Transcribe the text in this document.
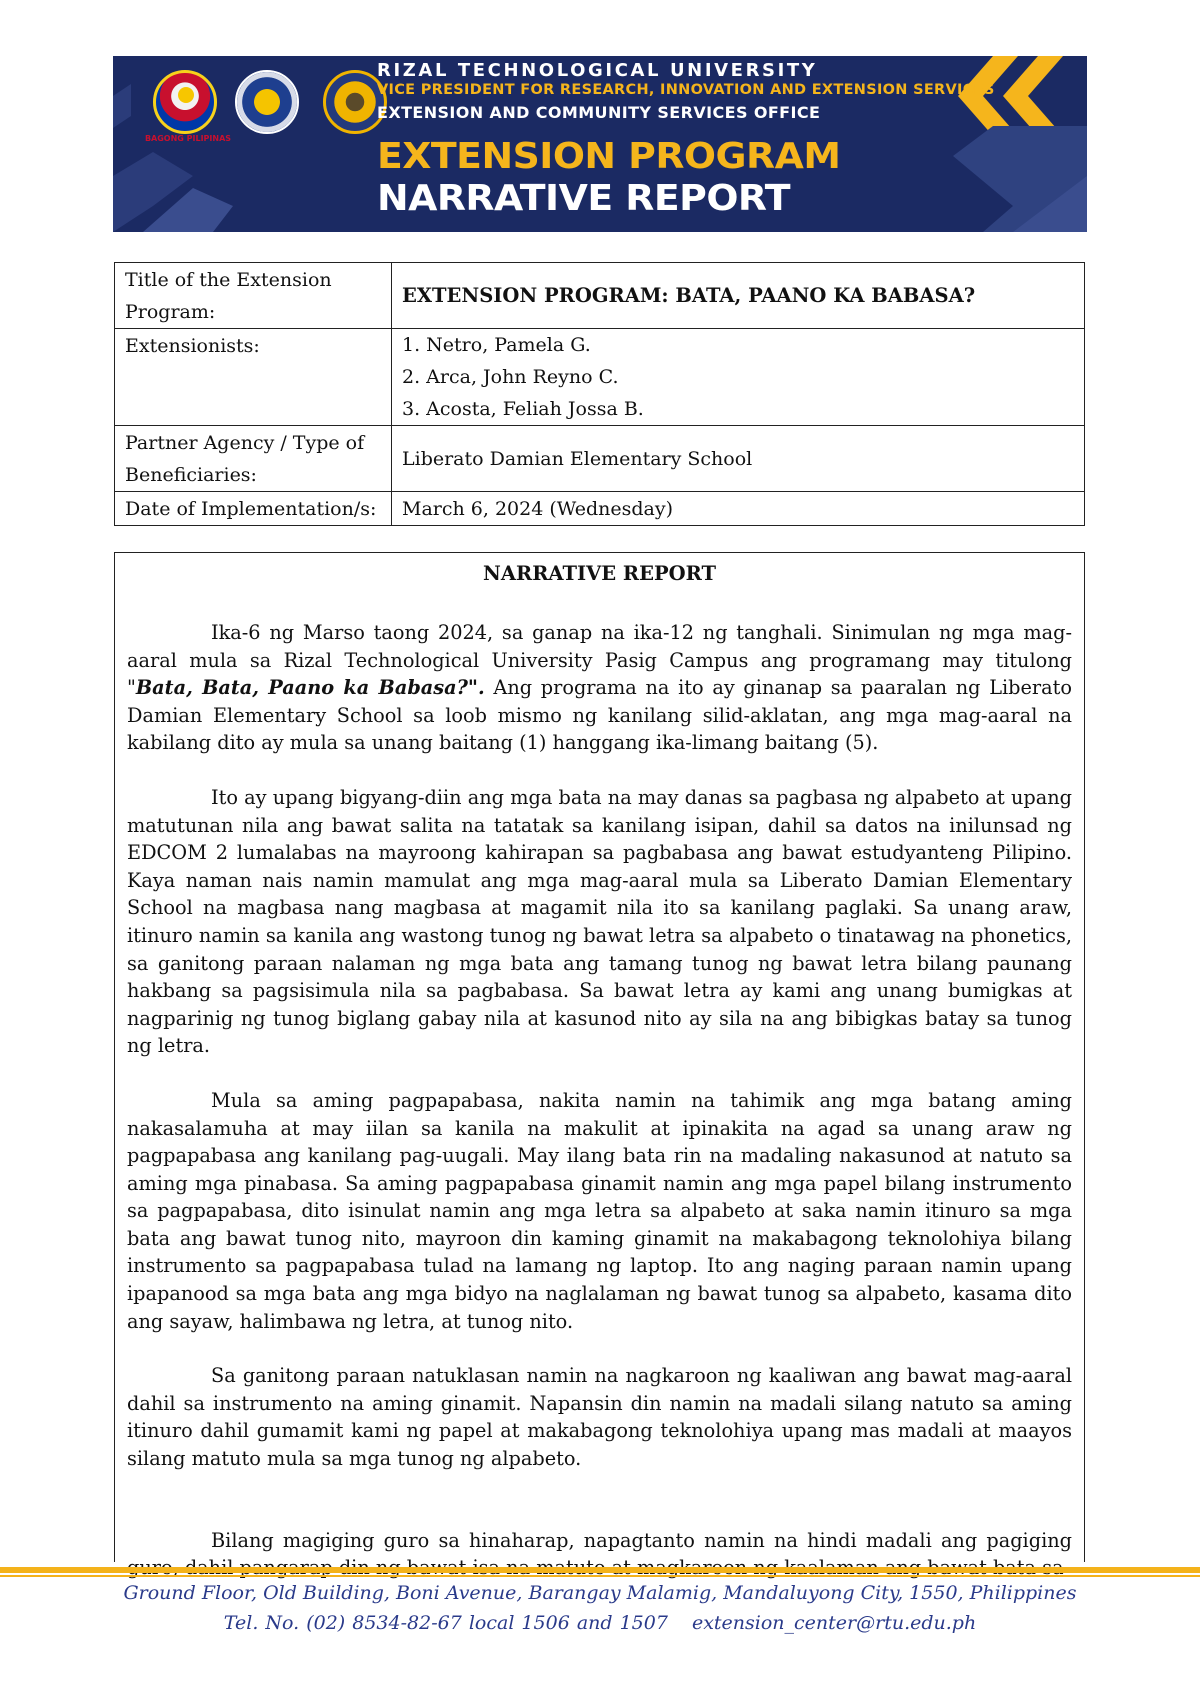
BAGONG PILIPINAS
RIZAL TECHNOLOGICAL UNIVERSITY
VICE PRESIDENT FOR RESEARCH, INNOVATION AND EXTENSION SERVICES
EXTENSION AND COMMUNITY SERVICES OFFICE
EXTENSION PROGRAM
NARRATIVE REPORT
Title of the Extension Program:	EXTENSION PROGRAM: BATA, PAANO KA BABASA?
Extensionists:	1. Netro, Pamela G.
2. Arca, John Reyno C.
3. Acosta, Feliah Jossa B.

Partner Agency / Type of Beneficiaries:	Liberato Damian Elementary School
Date of Implementation/s:	March 6, 2024 (Wednesday)
NARRATIVE REPORT

Ika-6 ng Marso taong 2024, sa ganap na ika-12 ng tanghali. Sinimulan ng mga mag-aaral mula sa Rizal Technological University Pasig Campus ang programang may titulong "Bata, Bata, Paano ka Babasa?". Ang programa na ito ay ginanap sa paaralan ng Liberato Damian Elementary School sa loob mismo ng kanilang silid-aklatan, ang mga mag-aaral na kabilang dito ay mula sa unang baitang (1) hanggang ika-limang baitang (5).

Ito ay upang bigyang-diin ang mga bata na may danas sa pagbasa ng alpabeto at upang matutunan nila ang bawat salita na tatatak sa kanilang isipan, dahil sa datos na inilunsad ng EDCOM 2 lumalabas na mayroong kahirapan sa pagbabasa ang bawat estudyanteng Pilipino. Kaya naman nais namin mamulat ang mga mag-aaral mula sa Liberato Damian Elementary School na magbasa nang magbasa at magamit nila ito sa kanilang paglaki. Sa unang araw, itinuro namin sa kanila ang wastong tunog ng bawat letra sa alpabeto o tinatawag na phonetics, sa ganitong paraan nalaman ng mga bata ang tamang tunog ng bawat letra bilang paunang hakbang sa pagsisimula nila sa pagbabasa. Sa bawat letra ay kami ang unang bumigkas at nagparinig ng tunog biglang gabay nila at kasunod nito ay sila na ang bibigkas batay sa tunog ng letra.

Mula sa aming pagpapabasa, nakita namin na tahimik ang mga batang aming nakasalamuha at may iilan sa kanila na makulit at ipinakita na agad sa unang araw ng pagpapabasa ang kanilang pag-uugali. May ilang bata rin na madaling nakasunod at natuto sa aming mga pinabasa. Sa aming pagpapabasa ginamit namin ang mga papel bilang instrumento sa pagpapabasa, dito isinulat namin ang mga letra sa alpabeto at saka namin itinuro sa mga bata ang bawat tunog nito, mayroon din kaming ginamit na makabagong teknolohiya bilang instrumento sa pagpapabasa tulad na lamang ng laptop. Ito ang naging paraan namin upang ipapanood sa mga bata ang mga bidyo na naglalaman ng bawat tunog sa alpabeto, kasama dito ang sayaw, halimbawa ng letra, at tunog nito.

Sa ganitong paraan natuklasan namin na nagkaroon ng kaaliwan ang bawat mag-aaral dahil sa instrumento na aming ginamit. Napansin din namin na madali silang natuto sa aming itinuro dahil gumamit kami ng papel at makabagong teknolohiya upang mas madali at maayos silang matuto mula sa mga tunog ng alpabeto.

Bilang magiging guro sa hinaharap, napagtanto namin na hindi madali ang pagiging

Ground Floor, Old Building, Boni Avenue, Barangay Malamig, Mandaluyong City, 1550, Philippines
Tel. No. (02) 8534-82-67 local 1506 and 1507 extension_center@rtu.edu.ph
